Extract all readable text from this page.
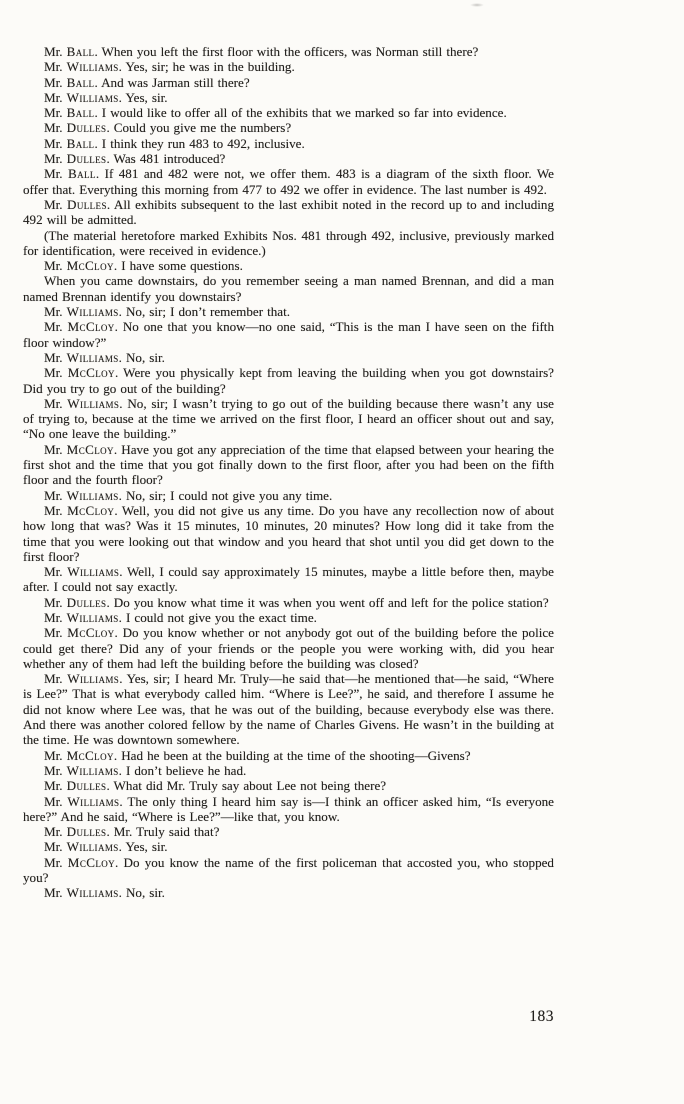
Mr. Ball. When you left the first floor with the officers, was Norman still there?

Mr. Williams. Yes, sir; he was in the building.

Mr. Ball. And was Jarman still there?

Mr. Williams. Yes, sir.

Mr. Ball. I would like to offer all of the exhibits that we marked so far into evidence.

Mr. Dulles. Could you give me the numbers?

Mr. Ball. I think they run 483 to 492, inclusive.

Mr. Dulles. Was 481 introduced?

Mr. Ball. If 481 and 482 were not, we offer them. 483 is a diagram of the sixth floor. We offer that. Everything this morning from 477 to 492 we offer in evidence. The last number is 492.

Mr. Dulles. All exhibits subsequent to the last exhibit noted in the record up to and including 492 will be admitted.

(The material heretofore marked Exhibits Nos. 481 through 492, inclusive, previously marked for identification, were received in evidence.)

Mr. McCloy. I have some questions.

When you came downstairs, do you remember seeing a man named Brennan, and did a man named Brennan identify you downstairs?

Mr. Williams. No, sir; I don’t remember that.

Mr. McCloy. No one that you know—no one said, “This is the man I have seen on the fifth floor window?”

Mr. Williams. No, sir.

Mr. McCloy. Were you physically kept from leaving the building when you got downstairs? Did you try to go out of the building?

Mr. Williams. No, sir; I wasn’t trying to go out of the building because there wasn’t any use of trying to, because at the time we arrived on the first floor, I heard an officer shout out and say, “No one leave the building.”

Mr. McCloy. Have you got any appreciation of the time that elapsed between your hearing the first shot and the time that you got finally down to the first floor, after you had been on the fifth floor and the fourth floor?

Mr. Williams. No, sir; I could not give you any time.

Mr. McCloy. Well, you did not give us any time. Do you have any recollection now of about how long that was? Was it 15 minutes, 10 minutes, 20 minutes? How long did it take from the time that you were looking out that window and you heard that shot until you did get down to the first floor?

Mr. Williams. Well, I could say approximately 15 minutes, maybe a little before then, maybe after. I could not say exactly.

Mr. Dulles. Do you know what time it was when you went off and left for the police station?

Mr. Williams. I could not give you the exact time.

Mr. McCloy. Do you know whether or not anybody got out of the building before the police could get there? Did any of your friends or the people you were working with, did you hear whether any of them had left the building before the building was closed?

Mr. Williams. Yes, sir; I heard Mr. Truly—he said that—he mentioned that—he said, “Where is Lee?” That is what everybody called him. “Where is Lee?”, he said, and therefore I assume he did not know where Lee was, that he was out of the building, because everybody else was there. And there was another colored fellow by the name of Charles Givens. He wasn’t in the building at the time. He was downtown somewhere.

Mr. McCloy. Had he been at the building at the time of the shooting—Givens?

Mr. Williams. I don’t believe he had.

Mr. Dulles. What did Mr. Truly say about Lee not being there?

Mr. Williams. The only thing I heard him say is—I think an officer asked him, “Is everyone here?” And he said, “Where is Lee?”—like that, you know.

Mr. Dulles. Mr. Truly said that?

Mr. Williams. Yes, sir.

Mr. McCloy. Do you know the name of the first policeman that accosted you, who stopped you?

Mr. Williams. No, sir.

183
